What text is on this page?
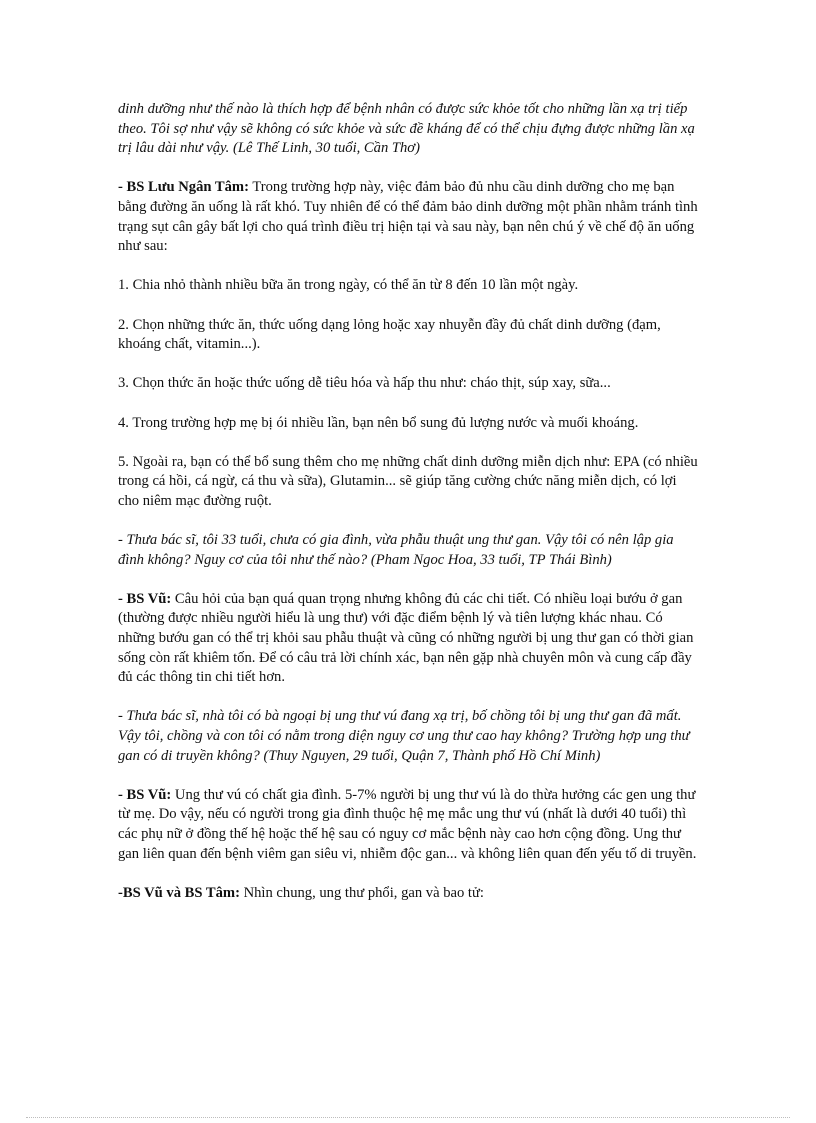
dinh dưỡng như thế nào là thích hợp để bệnh nhân có được sức khỏe tốt cho những lần xạ trị tiếp theo. Tôi sợ như vậy sẽ không có sức khỏe và sức đề kháng để có thể chịu đựng được những lần xạ trị lâu dài như vậy. (Lê Thế Linh, 30 tuổi, Cần Thơ)

- BS Lưu Ngân Tâm: Trong trường hợp này, việc đảm bảo đủ nhu cầu dinh dưỡng cho mẹ bạn bằng đường ăn uống là rất khó. Tuy nhiên để có thể đảm bảo dinh dưỡng một phần nhằm tránh tình trạng sụt cân gây bất lợi cho quá trình điều trị hiện tại và sau này, bạn nên chú ý về chế độ ăn uống như sau:

1. Chia nhỏ thành nhiều bữa ăn trong ngày, có thể ăn từ 8 đến 10 lần một ngày.

2. Chọn những thức ăn, thức uống dạng lỏng hoặc xay nhuyễn đầy đủ chất dinh dưỡng (đạm, khoáng chất, vitamin...).

3. Chọn thức ăn hoặc thức uống dễ tiêu hóa và hấp thu như: cháo thịt, súp xay, sữa...

4. Trong trường hợp mẹ bị ói nhiều lần, bạn nên bổ sung đủ lượng nước và muối khoáng.

5. Ngoài ra, bạn có thể bổ sung thêm cho mẹ những chất dinh dưỡng miễn dịch như: EPA (có nhiều trong cá hồi, cá ngừ, cá thu và sữa), Glutamin... sẽ giúp tăng cường chức năng miễn dịch, có lợi cho niêm mạc đường ruột.

- Thưa bác sĩ, tôi 33 tuổi, chưa có gia đình, vừa phẫu thuật ung thư gan. Vậy tôi có nên lập gia đình không? Nguy cơ của tôi như thế nào? (Pham Ngoc Hoa, 33 tuổi, TP Thái Bình)

- BS Vũ: Câu hỏi của bạn quá quan trọng nhưng không đủ các chi tiết. Có nhiều loại bướu ở gan (thường được nhiều người hiểu là ung thư) với đặc điểm bệnh lý và tiên lượng khác nhau. Có những bướu gan có thể trị khỏi sau phẫu thuật và cũng có những người bị ung thư gan có thời gian sống còn rất khiêm tốn. Để có câu trả lời chính xác, bạn nên gặp nhà chuyên môn và cung cấp đầy đủ các thông tin chi tiết hơn.

- Thưa bác sĩ, nhà tôi có bà ngoại bị ung thư vú đang xạ trị, bố chồng tôi bị ung thư gan đã mất. Vậy tôi, chồng và con tôi có nằm trong diện nguy cơ ung thư cao hay không? Trường hợp ung thư gan có di truyền không? (Thuy Nguyen, 29 tuổi, Quận 7, Thành phố Hồ Chí Minh)

- BS Vũ: Ung thư vú có chất gia đình. 5-7% người bị ung thư vú là do thừa hưởng các gen ung thư từ mẹ. Do vậy, nếu có người trong gia đình thuộc hệ mẹ mắc ung thư vú (nhất là dưới 40 tuổi) thì các phụ nữ ở đồng thế hệ hoặc thế hệ sau có nguy cơ mắc bệnh này cao hơn cộng đồng. Ung thư gan liên quan đến bệnh viêm gan siêu vi, nhiễm độc gan... và không liên quan đến yếu tố di truyền.

-BS Vũ và BS Tâm: Nhìn chung, ung thư phổi, gan và bao tử:
